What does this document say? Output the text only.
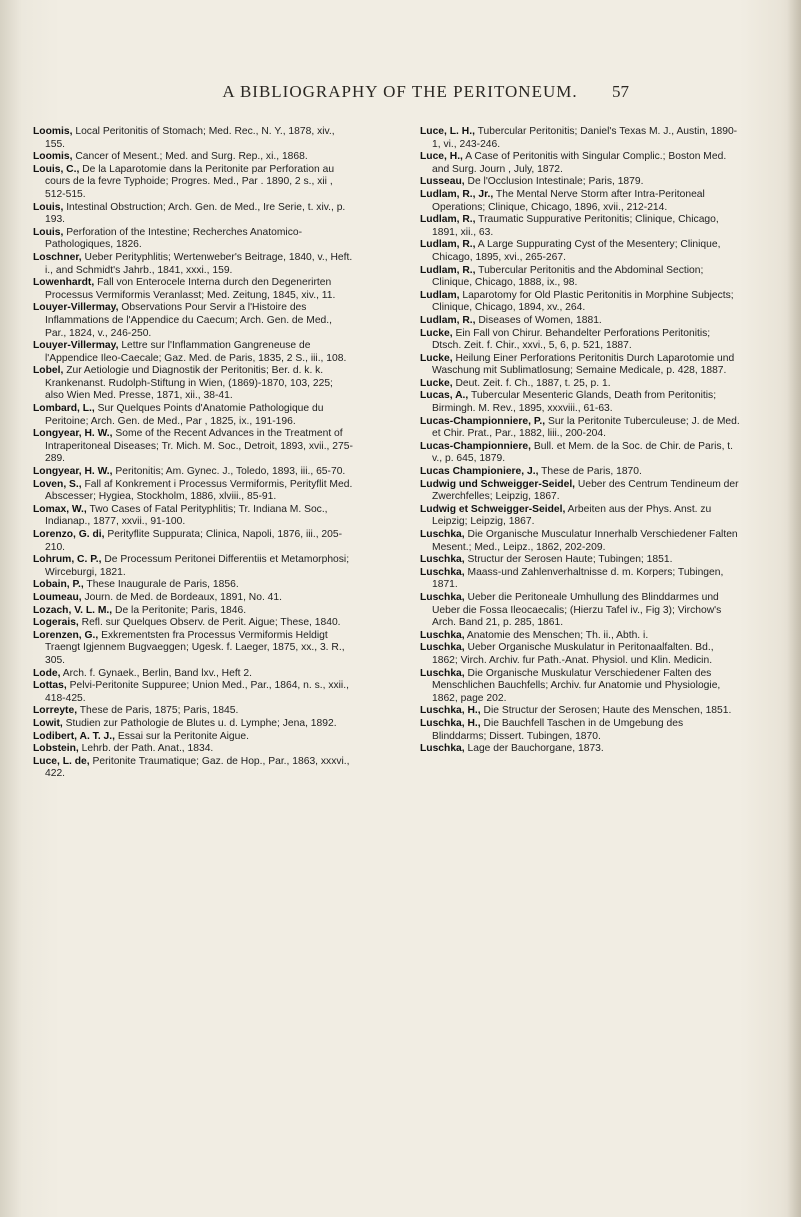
A BIBLIOGRAPHY OF THE PERITONEUM.	57
Loomis, Local Peritonitis of Stomach; Med. Rec., N. Y., 1878, xiv., 155.
Loomis, Cancer of Mesent.; Med. and Surg. Rep., xi., 1868.
Louis, C., De la Laparotomie dans la Peritonite par Perforation au cours de la fevre Typhoide; Progres. Med., Par . 1890, 2 s., xii , 512-515.
Louis, Intestinal Obstruction; Arch. Gen. de Med., Ire Serie, t. xiv., p. 193.
Louis, Perforation of the Intestine; Recherches Anatomico-Pathologiques, 1826.
Loschner, Ueber Perityphlitis; Wertenweber's Beitrage, 1840, v., Heft. i., and Schmidt's Jahrb., 1841, xxxi., 159.
Lowenhardt, Fall von Enterocele Interna durch den Degenerirten Processus Vermiformis Veranlasst; Med. Zeitung, 1845, xiv., 11.
Louyer-Villermay, Observations Pour Servir a l'Histoire des Inflammations de l'Appendice du Caecum; Arch. Gen. de Med., Par., 1824, v., 246-250.
Louyer-Villermay, Lettre sur l'Inflammation Gangreneuse de l'Appendice Ileo-Caecale; Gaz. Med. de Paris, 1835, 2 S., iii., 108.
Lobel, Zur Aetiologie und Diagnostik der Peritonitis; Ber. d. k. k. Krankenanst. Rudolph-Stiftung in Wien, (1869)-1870, 103, 225; also Wien Med. Presse, 1871, xii., 38-41.
Lombard, L., Sur Quelques Points d'Anatomie Pathologique du Peritoine; Arch. Gen. de Med., Par , 1825, ix., 191-196.
Longyear, H. W., Some of the Recent Advances in the Treatment of Intraperitoneal Diseases; Tr. Mich. M. Soc., Detroit, 1893, xvii., 275-289.
Longyear, H. W., Peritonitis; Am. Gynec. J., Toledo, 1893, iii., 65-70.
Loven, S., Fall af Konkrement i Processus Vermiformis, Perityflit Med. Abscesser; Hygiea, Stockholm, 1886, xlviii., 85-91.
Lomax, W., Two Cases of Fatal Perityphlitis; Tr. Indiana M. Soc., Indianap., 1877, xxvii., 91-100.
Lorenzo, G. di, Perityflite Suppurata; Clinica, Napoli, 1876, iii., 205-210.
Lohrum, C. P., De Processum Peritonei Differentiis et Metamorphosi; Wirceburgi, 1821.
Lobain, P., These Inaugurale de Paris, 1856.
Loumeau, Journ. de Med. de Bordeaux, 1891, No. 41.
Lozach, V. L. M., De la Peritonite; Paris, 1846.
Logerais, Refl. sur Quelques Observ. de Perit. Aigue; These, 1840.
Lorenzen, G., Exkrementsten fra Processus Vermiformis Heldigt Traengt Igjennem Bugvaeggen; Ugesk. f. Laeger, 1875, xx., 3. R., 305.
Lode, Arch. f. Gynaek., Berlin, Band lxv., Heft 2.
Lottas, Pelvi-Peritonite Suppuree; Union Med., Par., 1864, n. s., xxii., 418-425.
Lorreyte, These de Paris, 1875; Paris, 1845.
Lowit, Studien zur Pathologie de Blutes u. d. Lymphe; Jena, 1892.
Lodibert, A. T. J., Essai sur la Peritonite Aigue.
Lobstein, Lehrb. der Path. Anat., 1834.
Luce, L. de, Peritonite Traumatique; Gaz. de Hop., Par., 1863, xxxvi., 422.
Luce, L. H., Tubercular Peritonitis; Daniel's Texas M. J., Austin, 1890-1, vi., 243-246.
Luce, H., A Case of Peritonitis with Singular Complic.; Boston Med. and Surg. Journ , July, 1872.
Lusseau, De l'Occlusion Intestinale; Paris, 1879.
Ludlam, R., Jr., The Mental Nerve Storm after Intra-Peritoneal Operations; Clinique, Chicago, 1896, xvii., 212-214.
Ludlam, R., Traumatic Suppurative Peritonitis; Clinique, Chicago, 1891, xii., 63.
Ludlam, R., A Large Suppurating Cyst of the Mesentery; Clinique, Chicago, 1895, xvi., 265-267.
Ludlam, R., Tubercular Peritonitis and the Abdominal Section; Clinique, Chicago, 1888, ix., 98.
Ludlam, Laparotomy for Old Plastic Peritonitis in Morphine Subjects; Clinique, Chicago, 1894, xv., 264.
Ludlam, R., Diseases of Women, 1881.
Lucke, Ein Fall von Chirur. Behandelter Perforations Peritonitis; Dtsch. Zeit. f. Chir., xxvi., 5, 6, p. 521, 1887.
Lucke, Heilung Einer Perforations Peritonitis Durch Laparotomie und Waschung mit Sublimatlosung; Semaine Medicale, p. 428, 1887.
Lucke, Deut. Zeit. f. Ch., 1887, t. 25, p. 1.
Lucas, A., Tubercular Mesenteric Glands, Death from Peritonitis; Birmingh. M. Rev., 1895, xxxviii., 61-63.
Lucas-Championniere, P., Sur la Peritonite Tuberculeuse; J. de Med. et Chir. Prat., Par., 1882, liii., 200-204.
Lucas-Championniere, Bull. et Mem. de la Soc. de Chir. de Paris, t. v., p. 645, 1879.
Lucas Championiere, J., These de Paris, 1870.
Ludwig und Schweigger-Seidel, Ueber des Centrum Tendineum der Zwerchfelles; Leipzig, 1867.
Ludwig et Schweigger-Seidel, Arbeiten aus der Phys. Anst. zu Leipzig; Leipzig, 1867.
Luschka, Die Organische Musculatur Innerhalb Verschiedener Falten Mesent.; Med., Leipz., 1862, 202-209.
Luschka, Structur der Serosen Haute; Tubingen; 1851.
Luschka, Maass-und Zahlenverhaltnisse d. m. Korpers; Tubingen, 1871.
Luschka, Ueber die Peritoneale Umhullung des Blinddarmes und Ueber die Fossa Ileocaecalis; (Hierzu Tafel iv., Fig 3); Virchow's Arch. Band 21, p. 285, 1861.
Luschka, Anatomie des Menschen; Th. ii., Abth. i.
Luschka, Ueber Organische Muskulatur in Peritonaalfalten. Bd., 1862; Virch. Archiv. fur Path.-Anat. Physiol. und Klin. Medicin.
Luschka, Die Organische Muskulatur Verschiedener Falten des Menschlichen Bauchfells; Archiv. fur Anatomie und Physiologie, 1862, page 202.
Luschka, H., Die Structur der Serosen; Haute des Menschen, 1851.
Luschka, H., Die Bauchfell Taschen in de Umgebung des Blinddarms; Dissert. Tubingen, 1870.
Luschka, Lage der Bauchorgane, 1873.
